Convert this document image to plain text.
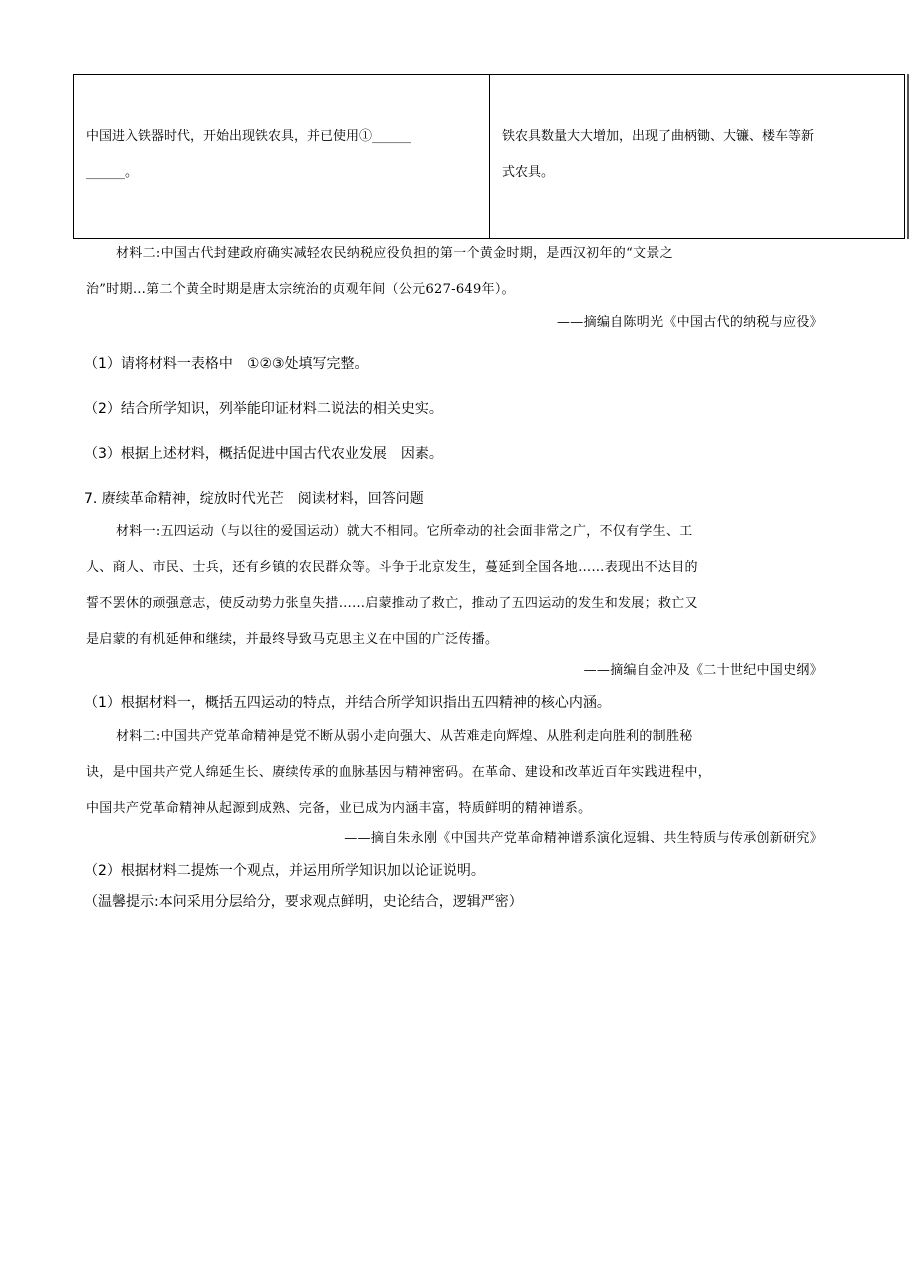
中国进入铁器时代，开始出现铁农具，并已使用①______
______。

铁农具数量大大增加，出现了曲柄锄、大镰、楼车等新
式农具。
材料二:中国古代封建政府确实减轻农民纳税应役负担的第一个黄金时期，是西汉初年的“文景之
治”时期…第二个黄全时期是唐太宗统治的贞观年间（公元627-649年）。
——摘编自陈明光《中国古代的纳税与应役》
（1）请将材料一表格中　①②③处填写完整。
（2）结合所学知识，列举能印证材料二说法的相关史实。
（3）根据上述材料，概括促进中国古代农业发展　因素。
7. 赓续革命精神，绽放时代光芒　阅读材料，回答问题
材料一:五四运动（与以往的爱国运动）就大不相同。它所牵动的社会面非常之广，不仅有学生、工
人、商人、市民、士兵，还有乡镇的农民群众等。斗争于北京发生，蔓延到全国各地……表现出不达目的
誓不罢休的顽强意志，使反动势力张皇失措……启蒙推动了救亡，推动了五四运动的发生和发展；救亡又
是启蒙的有机延伸和继续，并最终导致马克思主义在中国的广泛传播。
——摘编自金冲及《二十世纪中国史纲》
（1）根据材料一，概括五四运动的特点，并结合所学知识指出五四精神的核心内涵。
材料二:中国共产党革命精神是党不断从弱小走向强大、从苦难走向辉煌、从胜利走向胜利的制胜秘
诀，是中国共产党人绵延生长、赓续传承的血脉基因与精神密码。在革命、建设和改革近百年实践进程中，
中国共产党革命精神从起源到成熟、完备，业已成为内涵丰富，特质鲜明的精神谱系。
——摘自朱永刚《中国共产党革命精神谱系演化逗辑、共生特质与传承创新研究》
（2）根据材料二提炼一个观点，并运用所学知识加以论证说明。
（温馨提示:本问采用分层给分，要求观点鲜明，史论结合，逻辑严密）
